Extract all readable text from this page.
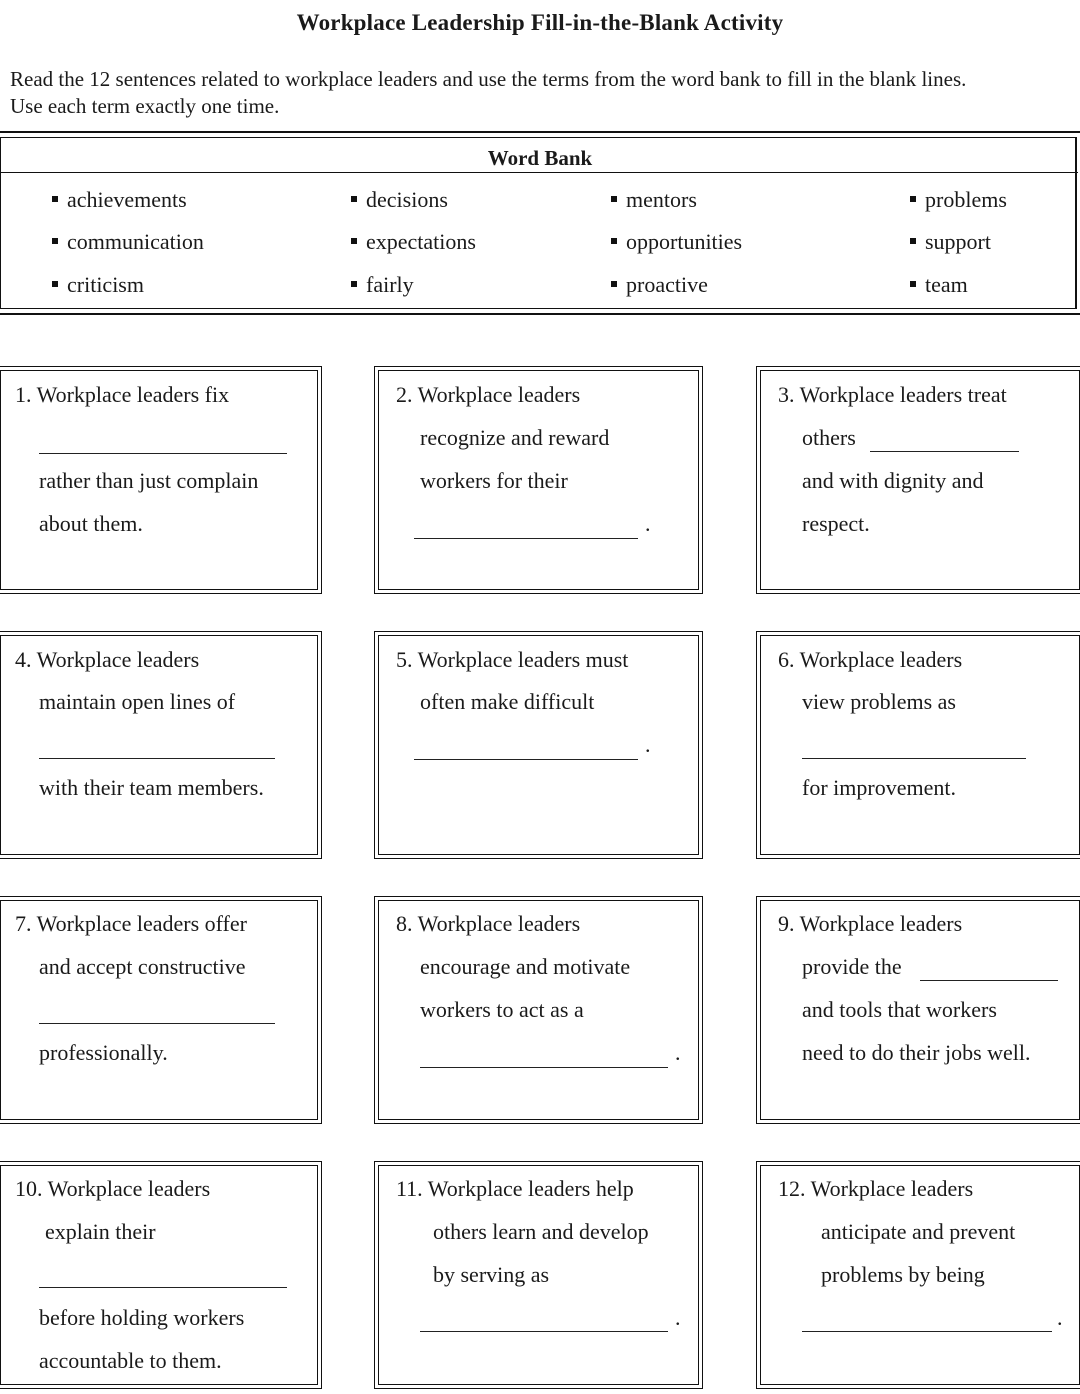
Workplace Leadership Fill-in-the-Blank Activity
Read the 12 sentences related to workplace leaders and use the terms from the word bank to fill in the blank lines.
Use each term exactly one time.
Word Bank
achievements
communication
criticism
decisions
expectations
fairly
mentors
opportunities
proactive
problems
support
team
1. Workplace leaders fix
rather than just complain
about them.
2. Workplace leaders
recognize and reward
workers for their
.
3. Workplace leaders treat
others
and with dignity and
respect.
4. Workplace leaders
maintain open lines of
with their team members.
5. Workplace leaders must
often make difficult
.
6. Workplace leaders
view problems as
for improvement.
7. Workplace leaders offer
and accept constructive
professionally.
8. Workplace leaders
encourage and motivate
workers to act as a
.
9. Workplace leaders
provide the
and tools that workers
need to do their jobs well.
10. Workplace leaders
explain their
before holding workers
accountable to them.
11. Workplace leaders help
others learn and develop
by serving as
.
12. Workplace leaders
anticipate and prevent
problems by being
.
